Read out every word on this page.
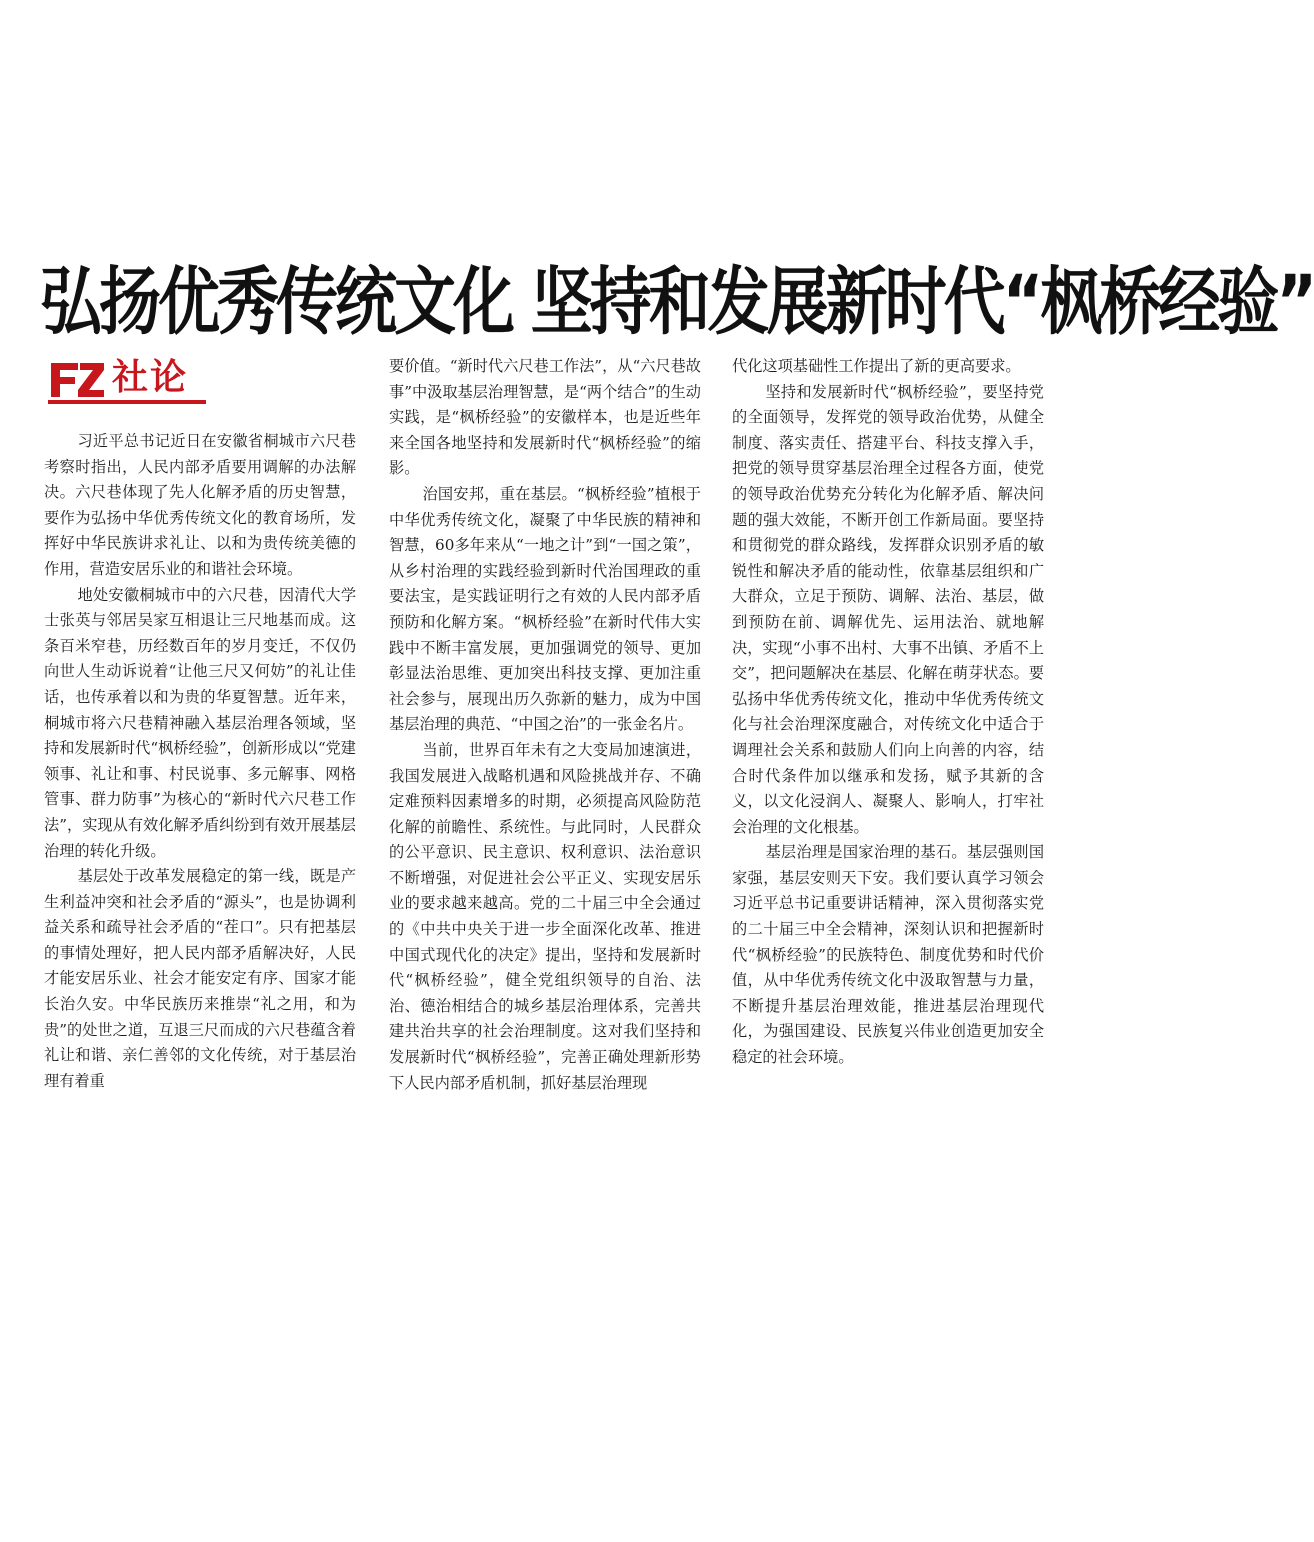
弘扬优秀传统文化 坚持和发展新时代“枫桥经验”
社论

习近平总书记近日在安徽省桐城市六尺巷考察时指出，人民内部矛盾要用调解的办法解决。六尺巷体现了先人化解矛盾的历史智慧，要作为弘扬中华优秀传统文化的教育场所，发挥好中华民族讲求礼让、以和为贵传统美德的作用，营造安居乐业的和谐社会环境。

地处安徽桐城市中的六尺巷，因清代大学士张英与邻居吴家互相退让三尺地基而成。这条百米窄巷，历经数百年的岁月变迁，不仅仍向世人生动诉说着“让他三尺又何妨”的礼让佳话，也传承着以和为贵的华夏智慧。近年来，桐城市将六尺巷精神融入基层治理各领域，坚持和发展新时代“枫桥经验”，创新形成以“党建领事、礼让和事、村民说事、多元解事、网格管事、群力防事”为核心的“新时代六尺巷工作法”，实现从有效化解矛盾纠纷到有效开展基层治理的转化升级。

基层处于改革发展稳定的第一线，既是产生利益冲突和社会矛盾的“源头”，也是协调利益关系和疏导社会矛盾的“茬口”。只有把基层的事情处理好，把人民内部矛盾解决好，人民才能安居乐业、社会才能安定有序、国家才能长治久安。中华民族历来推崇“礼之用，和为贵”的处世之道，互退三尺而成的六尺巷蕴含着礼让和谐、亲仁善邻的文化传统，对于基层治理有着重

要价值。“新时代六尺巷工作法”，从“六尺巷故事”中汲取基层治理智慧，是“两个结合”的生动实践，是“枫桥经验”的安徽样本，也是近些年来全国各地坚持和发展新时代“枫桥经验”的缩影。

治国安邦，重在基层。“枫桥经验”植根于中华优秀传统文化，凝聚了中华民族的精神和智慧，60多年来从“一地之计”到“一国之策”，从乡村治理的实践经验到新时代治国理政的重要法宝，是实践证明行之有效的人民内部矛盾预防和化解方案。“枫桥经验”在新时代伟大实践中不断丰富发展，更加强调党的领导、更加彰显法治思维、更加突出科技支撑、更加注重社会参与，展现出历久弥新的魅力，成为中国基层治理的典范、“中国之治”的一张金名片。

当前，世界百年未有之大变局加速演进，我国发展进入战略机遇和风险挑战并存、不确定难预料因素增多的时期，必须提高风险防范化解的前瞻性、系统性。与此同时，人民群众的公平意识、民主意识、权利意识、法治意识不断增强，对促进社会公平正义、实现安居乐业的要求越来越高。党的二十届三中全会通过的《中共中央关于进一步全面深化改革、推进中国式现代化的决定》提出，坚持和发展新时代“枫桥经验”，健全党组织领导的自治、法治、德治相结合的城乡基层治理体系，完善共建共治共享的社会治理制度。这对我们坚持和发展新时代“枫桥经验”，完善正确处理新形势下人民内部矛盾机制，抓好基层治理现

代化这项基础性工作提出了新的更高要求。

坚持和发展新时代“枫桥经验”，要坚持党的全面领导，发挥党的领导政治优势，从健全制度、落实责任、搭建平台、科技支撑入手，把党的领导贯穿基层治理全过程各方面，使党的领导政治优势充分转化为化解矛盾、解决问题的强大效能，不断开创工作新局面。要坚持和贯彻党的群众路线，发挥群众识别矛盾的敏锐性和解决矛盾的能动性，依靠基层组织和广大群众，立足于预防、调解、法治、基层，做到预防在前、调解优先、运用法治、就地解决，实现“小事不出村、大事不出镇、矛盾不上交”，把问题解决在基层、化解在萌芽状态。要弘扬中华优秀传统文化，推动中华优秀传统文化与社会治理深度融合，对传统文化中适合于调理社会关系和鼓励人们向上向善的内容，结合时代条件加以继承和发扬，赋予其新的含义，以文化浸润人、凝聚人、影响人，打牢社会治理的文化根基。

基层治理是国家治理的基石。基层强则国家强，基层安则天下安。我们要认真学习领会习近平总书记重要讲话精神，深入贯彻落实党的二十届三中全会精神，深刻认识和把握新时代“枫桥经验”的民族特色、制度优势和时代价值，从中华优秀传统文化中汲取智慧与力量，不断提升基层治理效能，推进基层治理现代化，为强国建设、民族复兴伟业创造更加安全稳定的社会环境。
